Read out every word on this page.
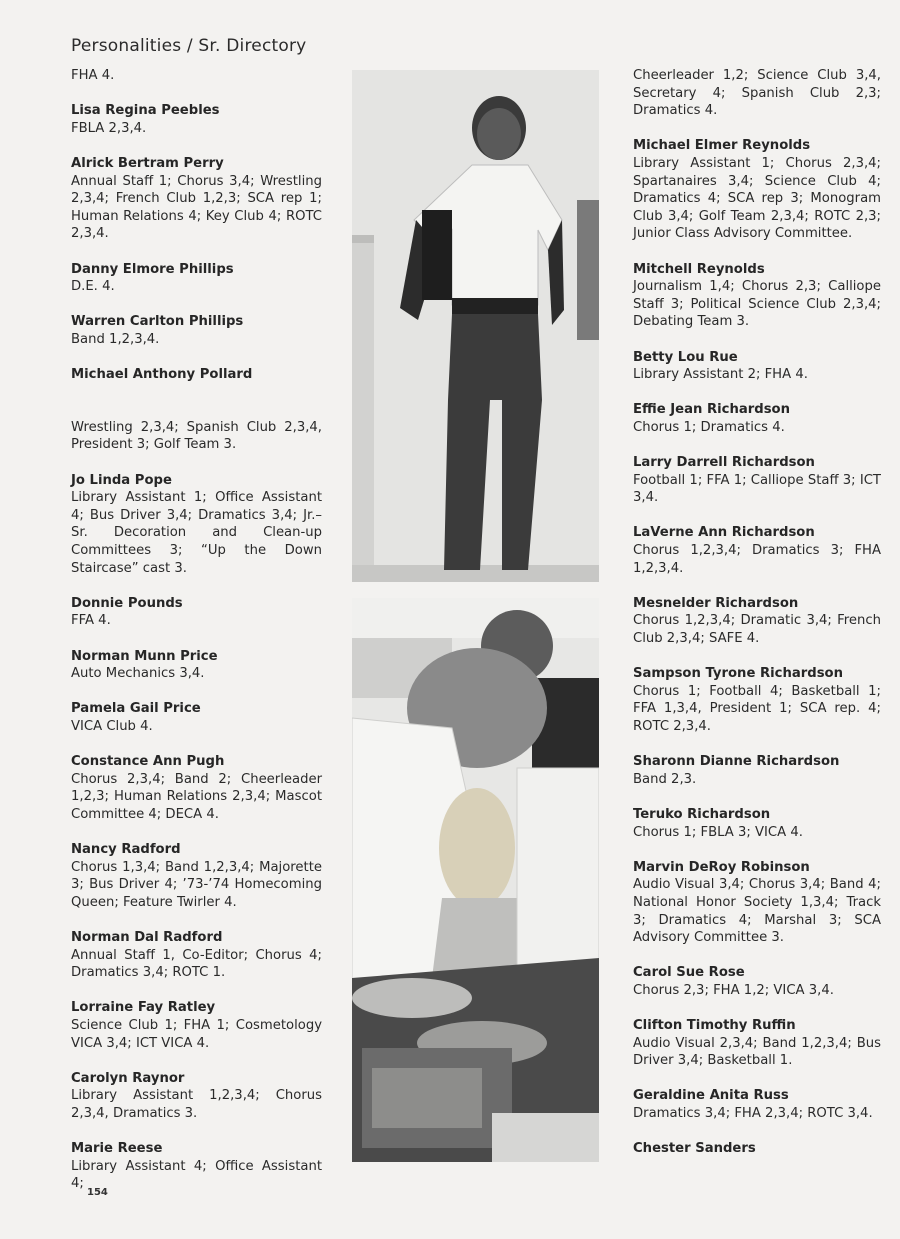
Personalities / Sr. Directory
FHA 4.
Lisa Regina Peebles
FBLA 2,3,4.
Alrick Bertram Perry
Annual Staff 1; Chorus 3,4; Wrestling 2,3,4; French Club 1,2,3; SCA rep 1; Human Relations 4; Key Club 4; ROTC 2,3,4.
Danny Elmore Phillips
D.E. 4.
Warren Carlton Phillips
Band 1,2,3,4.
Michael Anthony Pollard
Wrestling 2,3,4; Spanish Club 2,3,4, President 3; Golf Team 3.
Jo Linda Pope
Library Assistant 1; Office Assistant 4; Bus Driver 3,4; Dramatics 3,4; Jr.–Sr. Decoration and Clean-up Committees 3; “Up the Down Staircase” cast 3.
Donnie Pounds
FFA 4.
Norman Munn Price
Auto Mechanics 3,4.
Pamela Gail Price
VICA Club 4.
Constance Ann Pugh
Chorus 2,3,4; Band 2; Cheerleader 1,2,3; Human Relations 2,3,4; Mascot Committee 4; DECA 4.
Nancy Radford
Chorus 1,3,4; Band 1,2,3,4; Majorette 3; Bus Driver 4; ’73-’74 Homecoming Queen; Feature Twirler 4.
Norman Dal Radford
Annual Staff 1, Co-Editor; Chorus 4; Dramatics 3,4; ROTC 1.
Lorraine Fay Ratley
Science Club 1; FHA 1; Cosmetology VICA 3,4; ICT VICA 4.
Carolyn Raynor
Library Assistant 1,2,3,4; Chorus 2,3,4, Dramatics 3.
Marie Reese
Library Assistant 4; Office Assistant 4;
Cheerleader 1,2; Science Club 3,4, Secretary 4; Spanish Club 2,3; Dramatics 4.
Michael Elmer Reynolds
Library Assistant 1; Chorus 2,3,4; Spartanaires 3,4; Science Club 4; Dramatics 4; SCA rep 3; Monogram Club 3,4; Golf Team 2,3,4; ROTC 2,3; Junior Class Advisory Committee.
Mitchell Reynolds
Journalism 1,4; Chorus 2,3; Calliope Staff 3; Political Science Club 2,3,4; Debating Team 3.
Betty Lou Rue
Library Assistant 2; FHA 4.
Effie Jean Richardson
Chorus 1; Dramatics 4.
Larry Darrell Richardson
Football 1; FFA 1; Calliope Staff 3; ICT 3,4.
LaVerne Ann Richardson
Chorus 1,2,3,4; Dramatics 3; FHA 1,2,3,4.
Mesnelder Richardson
Chorus 1,2,3,4; Dramatic 3,4; French Club 2,3,4; SAFE 4.
Sampson Tyrone Richardson
Chorus 1; Football 4; Basketball 1; FFA 1,3,4, President 1; SCA rep. 4; ROTC 2,3,4.
Sharonn Dianne Richardson
Band 2,3.
Teruko Richardson
Chorus 1; FBLA 3; VICA 4.
Marvin DeRoy Robinson
Audio Visual 3,4; Chorus 3,4; Band 4; National Honor Society 1,3,4; Track 3; Dramatics 4; Marshal 3; SCA Advisory Committee 3.
Carol Sue Rose
Chorus 2,3; FHA 1,2; VICA 3,4.
Clifton Timothy Ruffin
Audio Visual 2,3,4; Band 1,2,3,4; Bus Driver 3,4; Basketball 1.
Geraldine Anita Russ
Dramatics 3,4; FHA 2,3,4; ROTC 3,4.
Chester Sanders
154
